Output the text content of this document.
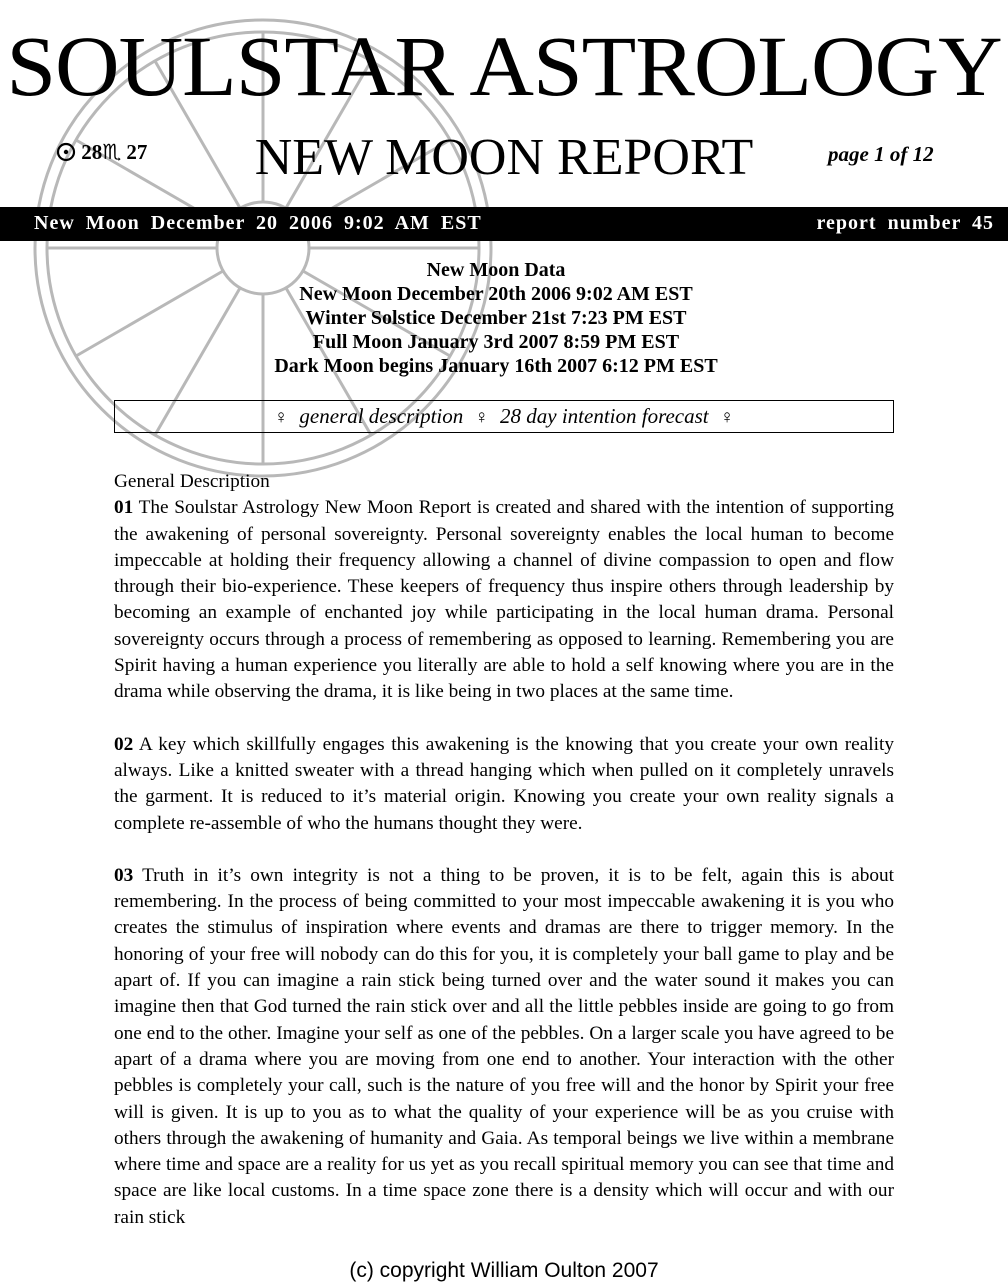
SOULSTAR ASTROLOGY
28♏ 27	NEW MOON REPORT	page 1 of 12
New Moon December 20 2006 9:02 AM EST	report number 45
New Moon Data
New Moon December 20th 2006 9:02 AM EST
Winter Solstice December 21st 7:23 PM EST
Full Moon January 3rd 2007 8:59 PM EST
Dark Moon begins January 16th 2007 6:12 PM EST
♀ general description ♀ 28 day intention forecast ♀
General Description

01 The Soulstar Astrology New Moon Report is created and shared with the intention of supporting the awakening of personal sovereignty. Personal sovereignty enables the local human to become impeccable at holding their frequency allowing a channel of divine compassion to open and flow through their bio-experience. These keepers of frequency thus inspire others through leadership by becoming an example of enchanted joy while participating in the local human drama. Personal sovereignty occurs through a process of remembering as opposed to learning. Remembering you are Spirit having a human experience you literally are able to hold a self knowing where you are in the drama while observing the drama, it is like being in two places at the same time.

02 A key which skillfully engages this awakening is the knowing that you create your own reality always. Like a knitted sweater with a thread hanging which when pulled on it completely unravels the garment. It is reduced to it’s material origin. Knowing you create your own reality signals a complete re-assemble of who the humans thought they were.

03 Truth in it’s own integrity is not a thing to be proven, it is to be felt, again this is about remembering. In the process of being committed to your most impeccable awakening it is you who creates the stimulus of inspiration where events and dramas are there to trigger memory. In the honoring of your free will nobody can do this for you, it is completely your ball game to play and be apart of. If you can imagine a rain stick being turned over and the water sound it makes you can imagine then that God turned the rain stick over and all the little pebbles inside are going to go from one end to the other. Imagine your self as one of the pebbles. On a larger scale you have agreed to be apart of a drama where you are moving from one end to another. Your interaction with the other pebbles is completely your call, such is the nature of you free will and the honor by Spirit your free will is given. It is up to you as to what the quality of your experience will be as you cruise with others through the awakening of humanity and Gaia. As temporal beings we live within a membrane where time and space are a reality for us yet as you recall spiritual memory you can see that time and space are like local customs. In a time space zone there is a density which will occur and with our rain stick

(c) copyright William Oulton 2007
